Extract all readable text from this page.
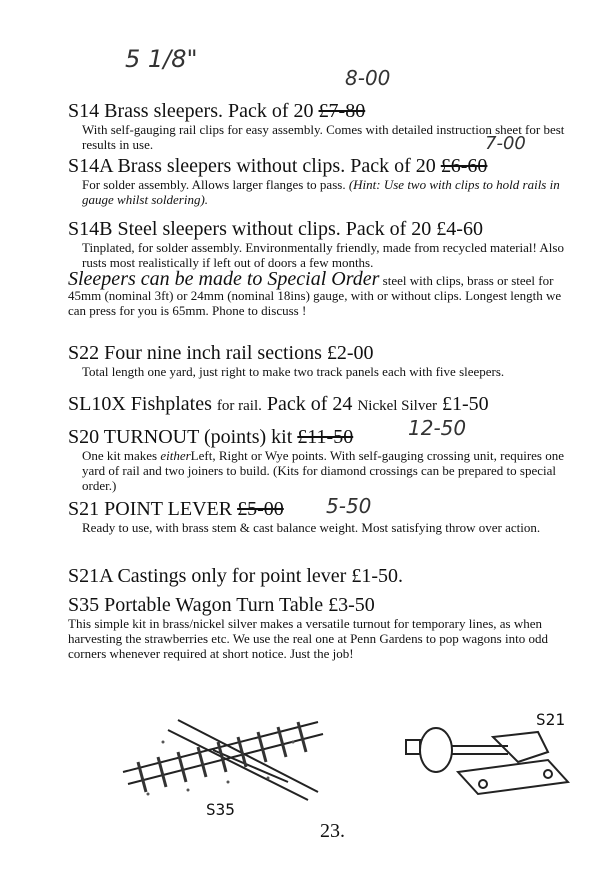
5 1/8"
8-00
7-00
12-50
5-50
S14 Brass sleepers. Pack of 20 £7-80
With self-gauging rail clips for easy assembly. Comes with detailed instruction sheet for best results in use.
S14A Brass sleepers without clips. Pack of 20 £6-60
For solder assembly. Allows larger flanges to pass. (Hint: Use two with clips to hold rails in gauge whilst soldering).
S14B Steel sleepers without clips. Pack of 20 £4-60
Tinplated, for solder assembly. Environmentally friendly, made from recycled material! Also rusts most realistically if left out of doors a few months.
Sleepers can be made to Special Order steel with clips, brass or steel for 45mm (nominal 3ft) or 24mm (nominal 18ins) gauge, with or without clips. Longest length we can press for you is 65mm. Phone to discuss !
S22 Four nine inch rail sections £2-00
Total length one yard, just right to make two track panels each with five sleepers.
SL10X Fishplates for rail. Pack of 24 Nickel Silver £1-50
S20 TURNOUT (points) kit £11-50
One kit makes eitherLeft, Right or Wye points. With self-gauging crossing unit, requires one yard of rail and two joiners to build. (Kits for diamond crossings can be prepared to special order.)
S21 POINT LEVER £5-00
Ready to use, with brass stem & cast balance weight. Most satisfying throw over action.
S21A Castings only for point lever £1-50.
S35 Portable Wagon Turn Table £3-50
This simple kit in brass/nickel silver makes a versatile turnout for temporary lines, as when harvesting the strawberries etc. We use the real one at Penn Gardens to pop wagons into odd corners whenever required at short notice. Just the job!
S35
S21
23.
